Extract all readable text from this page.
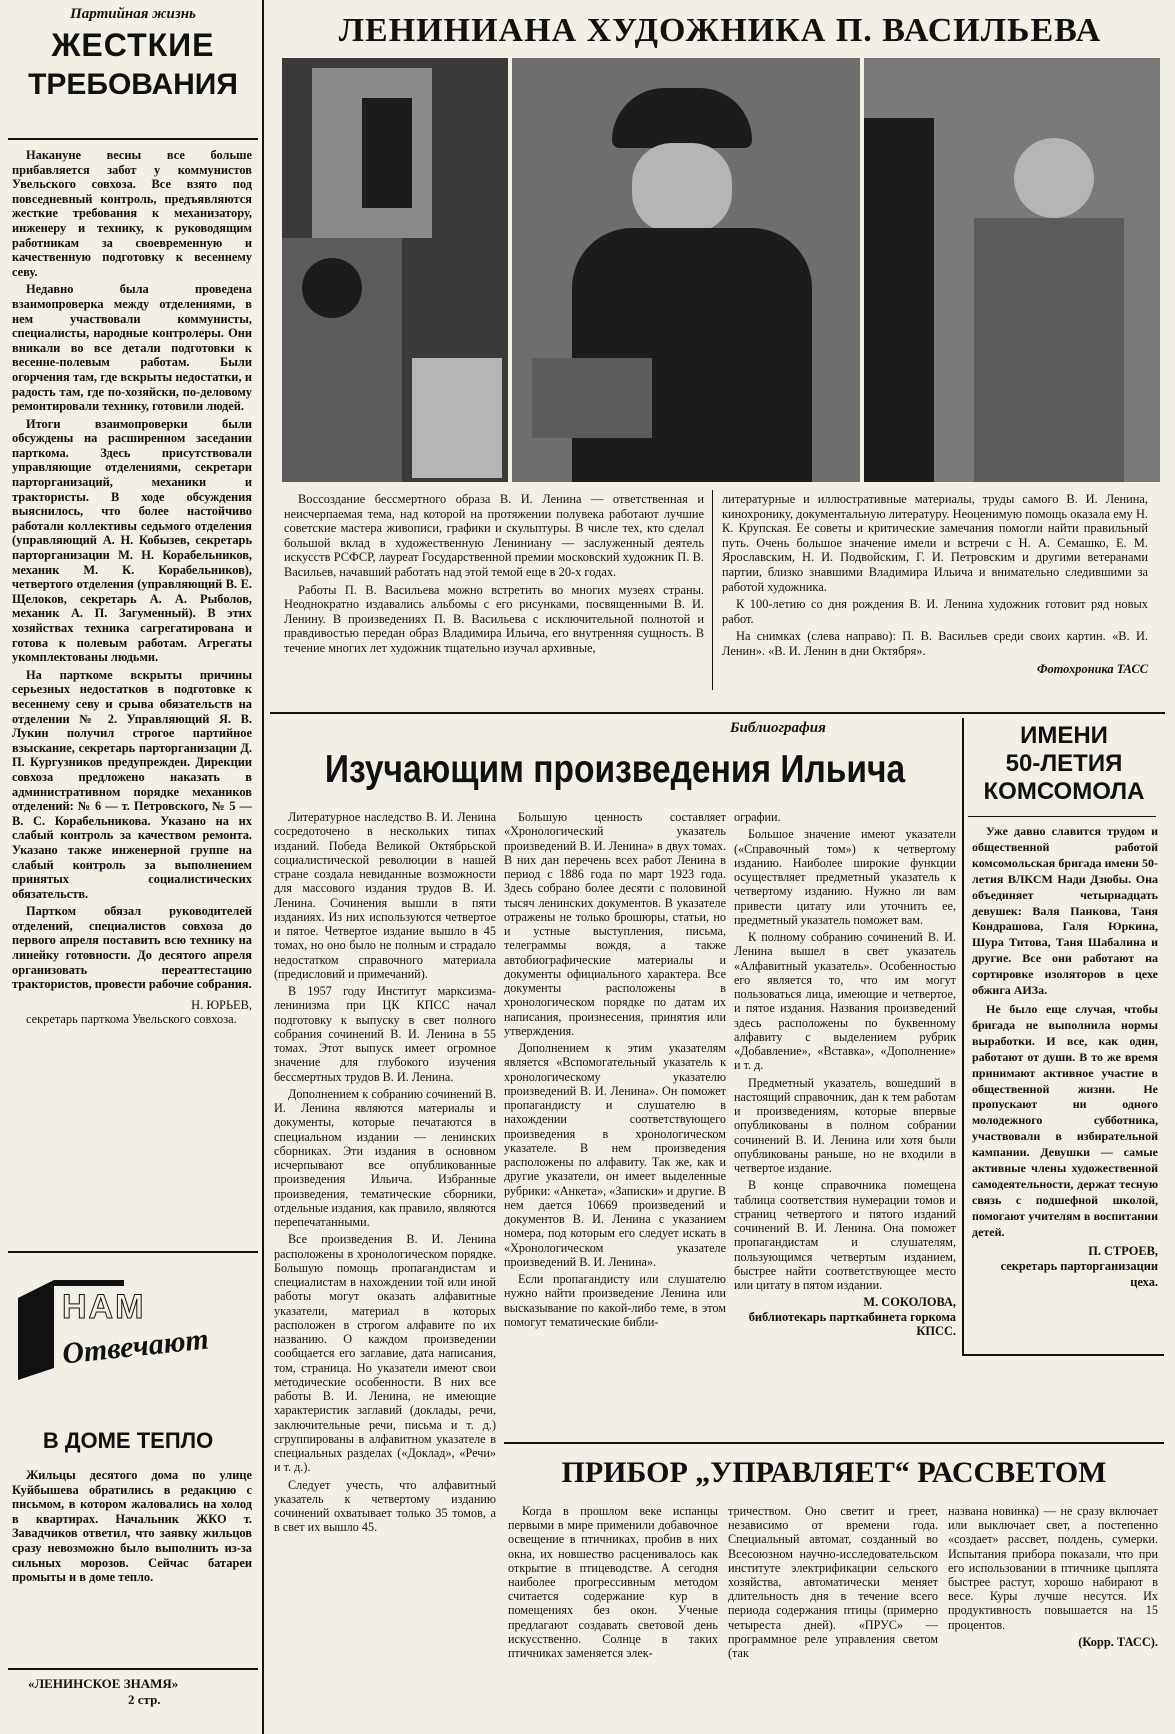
Партийная жизнь
ЖЕСТКИЕ
ТРЕБОВАНИЯ

Накануне весны все больше прибавляется забот у коммунистов Увельского совхоза. Все взято под повседневный контроль, предъявляются жесткие требования к механизатору, инженеру и технику, к руководящим работникам за своевременную и качественную подготовку к весеннему севу.

Недавно была проведена взаимопроверка между отделениями, в нем участвовали коммунисты, специалисты, народные контролеры. Они вникали во все детали подготовки к весенне-полевым работам. Были огорчения там, где вскрыты недостатки, и радость там, где по-хозяйски, по-деловому ремонтировали технику, готовили людей.

Итоги взаимопроверки были обсуждены на расширенном заседании парткома. Здесь присутствовали управляющие отделениями, секретари парторганизаций, механики и трактористы. В ходе обсуждения выяснилось, что более настойчиво работали коллективы седьмого отделения (управляющий А. Н. Кобызев, секретарь парторганизации М. Н. Корабельников, механик М. К. Корабельников), четвертого отделения (управляющий В. Е. Щелоков, секретарь А. А. Рыболов, механик А. П. Загуменный). В этих хозяйствах техника сагрегатирована и готова к полевым работам. Агрегаты укомплектованы людьми.

На парткоме вскрыты причины серьезных недостатков в подготовке к весеннему севу и срыва обязательств на отделении № 2. Управляющий Я. В. Лукин получил строгое партийное взыскание, секретарь парторганизации Д. П. Кургузников предупрежден. Дирекции совхоза предложено наказать в административном порядке механиков отделений: № 6 — т. Петровского, № 5 — В. С. Корабельникова. Указано на их слабый контроль за качеством ремонта. Указано также инженерной группе на слабый контроль за выполнением принятых социалистических обязательств.

Партком обязал руководителей отделений, специалистов совхоза до первого апреля поставить всю технику на линейку готовности. До десятого апреля организовать переаттестацию трактористов, провести рабочие собрания.

Н. ЮРЬЕВ,
секретарь парткома Увельского совхоза.
НАМ
Отвечают
В ДОМЕ ТЕПЛО

Жильцы десятого дома по улице Куйбышева обратились в редакцию с письмом, в котором жаловались на холод в квартирах. Начальник ЖКО т. Завадчиков ответил, что заявку жильцов сразу невозможно было выполнить из-за сильных морозов. Сейчас батареи промыты и в доме тепло.

«ЛЕНИНСКОЕ ЗНАМЯ»
2 стр.
ЛЕНИНИАНА ХУДОЖНИКА П. ВАСИЛЬЕВА

Воссоздание бессмертного образа В. И. Ленина — ответственная и неисчерпаемая тема, над которой на протяжении полувека работают лучшие советские мастера живописи, графики и скульптуры. В числе тех, кто сделал большой вклад в художественную Лениниану — заслуженный деятель искусств РСФСР, лауреат Государственной премии московский художник П. В. Васильев, начавший работать над этой темой еще в 20-х годах.

Работы П. В. Васильева можно встретить во многих музеях страны. Неоднократно издавались альбомы с его рисунками, посвященными В. И. Ленину. В произведениях П. В. Васильева с исключительной полнотой и правдивостью передан образ Владимира Ильича, его внутренняя сущность. В течение многих лет художник тщательно изучал архивные,

литературные и иллюстративные материалы, труды самого В. И. Ленина, кинохронику, документальную литературу. Неоценимую помощь оказала ему Н. К. Крупская. Ее советы и критические замечания помогли найти правильный путь. Очень большое значение имели и встречи с Н. А. Семашко, Е. М. Ярославским, Н. И. Подвойским, Г. И. Петровским и другими ветеранами партии, близко знавшими Владимира Ильича и внимательно следившими за работой художника.

К 100-летию со дня рождения В. И. Ленина художник готовит ряд новых работ.

На снимках (слева направо): П. В. Васильев среди своих картин. «В. И. Ленин». «В. И. Ленин в дни Октября».

Фотохроника ТАСС
Библиография
Изучающим произведения Ильича

Литературное наследство В. И. Ленина сосредоточено в нескольких типах изданий. Победа Великой Октябрьской социалистической революции в нашей стране создала невиданные возможности для массового издания трудов В. И. Ленина. Сочинения вышли в пяти изданиях. Из них используются четвертое и пятое. Четвертое издание вышло в 45 томах, но оно было не полным и страдало недостатком справочного материала (предисловий и примечаний).

В 1957 году Институт марксизма-ленинизма при ЦК КПСС начал подготовку к выпуску в свет полного собрания сочинений В. И. Ленина в 55 томах. Этот выпуск имеет огромное значение для глубокого изучения бессмертных трудов В. И. Ленина.

Дополнением к собранию сочинений В. И. Ленина являются материалы и документы, которые печатаются в специальном издании — ленинских сборниках. Эти издания в основном исчерпывают все опубликованные произведения Ильича. Избранные произведения, тематические сборники, отдельные издания, как правило, являются перепечатанными.

Все произведения В. И. Ленина расположены в хронологическом порядке. Большую помощь пропагандистам и специалистам в нахождении той или иной работы могут оказать алфавитные указатели, материал в которых расположен в строгом алфавите по их названию. О каждом произведении сообщается его заглавие, дата написания, том, страница. Но указатели имеют свои методические особенности. В них все работы В. И. Ленина, не имеющие характеристик заглавий (доклады, речи, заключительные речи, письма и т. д.) сгруппированы в алфавитном указателе в специальных разделах («Доклад», «Речи» и т. д.).

Следует учесть, что алфавитный указатель к четвертому изданию сочинений охватывает только 35 томов, а в свет их вышло 45.

Большую ценность составляет «Хронологический указатель произведений В. И. Ленина» в двух томах. В них дан перечень всех работ Ленина в период с 1886 года по март 1923 года. Здесь собрано более десяти с половиной тысяч ленинских документов. В указателе отражены не только брошюры, статьи, но и устные выступления, письма, телеграммы вождя, а также автобиографические материалы и документы официального характера. Все документы расположены в хронологическом порядке по датам их написания, произнесения, принятия или утверждения.

Дополнением к этим указателям является «Вспомогательный указатель к хронологическому указателю произведений В. И. Ленина». Он поможет пропагандисту и слушателю в нахождении соответствующего произведения в хронологическом указателе. В нем произведения расположены по алфавиту. Так же, как и другие указатели, он имеет выделенные рубрики: «Анкета», «Записки» и другие. В нем дается 10669 произведений и документов В. И. Ленина с указанием номера, под которым его следует искать в «Хронологическом указателе произведений В. И. Ленина».

Если пропагандисту или слушателю нужно найти произведение Ленина или высказывание по какой-либо теме, в этом помогут тематические библи-

ографии.

Большое значение имеют указатели («Справочный том») к четвертому изданию. Наиболее широкие функции осуществляет предметный указатель к четвертому изданию. Нужно ли вам привести цитату или уточнить ее, предметный указатель поможет вам.

К полному собранию сочинений В. И. Ленина вышел в свет указатель «Алфавитный указатель». Особенностью его является то, что им могут пользоваться лица, имеющие и четвертое, и пятое издания. Названия произведений здесь расположены по буквенному алфавиту с выделением рубрик «Добавление», «Вставка», «Дополнение» и т. д.

Предметный указатель, вошедший в настоящий справочник, дан к тем работам и произведениям, которые впервые опубликованы в полном собрании сочинений В. И. Ленина или хотя были опубликованы раньше, но не входили в четвертое издание.

В конце справочника помещена таблица соответствия нумерации томов и страниц четвертого и пятого изданий сочинений В. И. Ленина. Она поможет пропагандистам и слушателям, пользующимся четвертым изданием, быстрее найти соответствующее место или цитату в пятом издании.

М. СОКОЛОВА,
библиотекарь парткабинета горкома КПСС.
ИМЕНИ
50-ЛЕТИЯ
КОМСОМОЛА

Уже давно славится трудом и общественной работой комсомольская бригада имени 50-летия ВЛКСМ Нади Дзюбы. Она объединяет четырнадцать девушек: Валя Панкова, Таня Кондрашова, Галя Юркина, Шура Титова, Таня Шабалина и другие. Все они работают на сортировке изоляторов в цехе обжига АИЗа.

Не было еще случая, чтобы бригада не выполнила нормы выработки. И все, как один, работают от души. В то же время принимают активное участие в общественной жизни. Не пропускают ни одного молодежного субботника, участвовали в избирательной кампании. Девушки — самые активные члены художественной самодеятельности, держат тесную связь с подшефной школой, помогают учителям в воспитании детей.

П. СТРОЕВ,
секретарь парторганизации цеха.
ПРИБОР „УПРАВЛЯЕТ“ РАССВЕТОМ

Когда в прошлом веке испанцы первыми в мире применили добавочное освещение в птичниках, пробив в них окна, их новшество расценивалось как открытие в птицеводстве. А сегодня наиболее прогрессивным методом считается содержание кур в помещениях без окон. Ученые предлагают создавать световой день искусственно. Солнце в таких птичниках заменяется элек-

тричеством. Оно светит и греет, независимо от времени года. Специальный автомат, созданный во Всесоюзном научно-исследовательском институте электрификации сельского хозяйства, автоматически меняет длительность дня в течение всего периода содержания птицы (примерно четыреста дней). «ПРУС» — программное реле управления светом (так

названа новинка) — не сразу включает или выключает свет, а постепенно «создает» рассвет, полдень, сумерки. Испытания прибора показали, что при его использовании в птичнике цыплята быстрее растут, хорошо набирают в весе. Куры лучше несутся. Их продуктивность повышается на 15 процентов.

(Корр. ТАСС).
